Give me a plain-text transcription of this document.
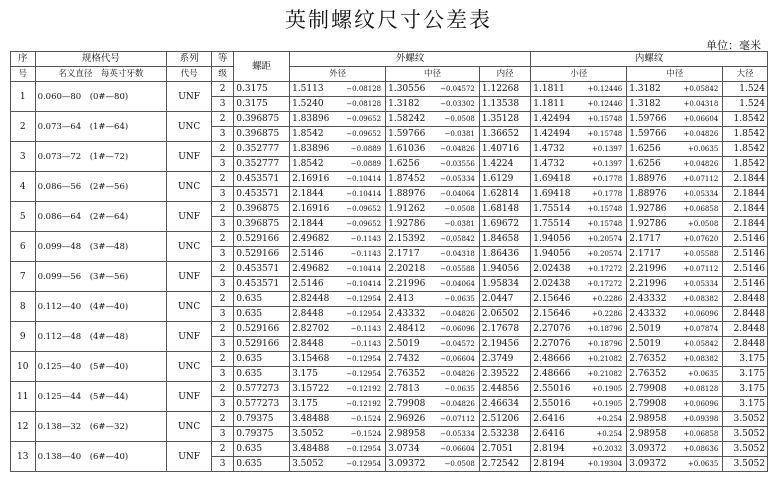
英制螺纹尺寸公差表
单位：毫米
序	规格代号	系列	等	螺距	外螺纹			内螺纹		
号	名义直径　每英寸牙数	代号	级		外径	中径	内径	小径	中径	大径
1	0.060—80　(0#—80)	UNF	2	0.3175	1.5113 −0.08128	1.30556 −0.04572	1.12268	1.1811 +0.12446	1.3182 +0.05842	1.524
			3	0.3175	1.5240 −0.08128	1.3182 −0.03302	1.13538	1.1811 +0.12446	1.3182 +0.04318	1.524
2	0.073—64　(1#—64)	UNC	2	0.396875	1.83896 −0.09652	1.58242 −0.0508	1.35128	1.42494 +0.15748	1.59766 +0.06604	1.8542
			3	0.396875	1.8542 −0.09652	1.59766 −0.0381	1.36652	1.42494 +0.15748	1.59766 +0.04826	1.8542
3	0.073—72　(1#—72)	UNF	2	0.352777	1.83896 −0.0889	1.61036 −0.04826	1.40716	1.4732 +0.1397	1.6256 +0.0635	1.8542
			3	0.352777	1.8542 −0.0889	1.6256 −0.03556	1.4224	1.4732 +0.1397	1.6256 +0.04826	1.8542
4	0.086—56　(2#—56)	UNC	2	0.453571	2.16916 −0.10414	1.87452 −0.05334	1.6129	1.69418 +0.1778	1.88976 +0.07112	2.1844
			3	0.453571	2.1844 −0.10414	1.88976 −0.04064	1.62814	1.69418 +0.1778	1.88976 +0.05334	2.1844
5	0.086—64　(2#—64)	UNF	2	0.396875	2.16916 −0.09652	1.91262 −0.0508	1.68148	1.75514 +0.15748	1.92786 +0.06858	2.1844
			3	0.396875	2.1844 −0.09652	1.92786 −0.0381	1.69672	1.75514 +0.15748	1.92786 +0.0508	2.1844
6	0.099—48　(3#—48)	UNC	2	0.529166	2.49682 −0.1143	2.15392 −0.05842	1.84658	1.94056 +0.20574	2.1717 +0.07620	2.5146
			3	0.529166	2.5146 −0.1143	2.1717 −0.04318	1.86436	1.94056 +0.20574	2.1717 +0.05588	2.5146
7	0.099—56　(3#—56)	UNF	2	0.453571	2.49682 −0.10414	2.20218 −0.05588	1.94056	2.02438 +0.17272	2.21996 +0.07112	2.5146
			3	0.453571	2.5146 −0.10414	2.21996 −0.04064	1.95834	2.02438 +0.17272	2.21996 +0.05334	2.5146
8	0.112—40　(4#—40)	UNC	2	0.635	2.82448 −0.12954	2.413 −0.0635	2.0447	2.15646 +0.2286	2.43332 +0.08382	2.8448
			3	0.635	2.8448 −0.12954	2.43332 −0.04826	2.06502	2.15646 +0.2286	2.43332 +0.06096	2.8448
9	0.112—48　(4#—48)	UNF	2	0.529166	2.82702 −0.1143	2.48412 −0.06096	2.17678	2.27076 +0.18796	2.5019 +0.07874	2.8448
			3	0.529166	2.8448 −0.1143	2.5019 −0.04572	2.19456	2.27076 +0.18796	2.5019 +0.05842	2.8448
10	0.125—40　(5#—40)	UNC	2	0.635	3.15468 −0.12954	2.7432 −0.06604	2.3749	2.48666 +0.21082	2.76352 +0.08382	3.175
			3	0.635	3.175 −0.12954	2.76352 −0.04826	2.39522	2.48666 +0.21082	2.76352 +0.0635	3.175
11	0.125—44　(5#—44)	UNF	2	0.577273	3.15722 −0.12192	2.7813 −0.0635	2.44856	2.55016 +0.1905	2.79908 +0.08128	3.175
			3	0.577273	3.175 −0.12192	2.79908 −0.04826	2.46634	2.55016 +0.1905	2.79908 +0.06096	3.175
12	0.138—32　(6#—32)	UNC	2	0.79375	3.48488 −0.1524	2.96926 −0.07112	2.51206	2.6416 +0.254	2.98958 +0.09398	3.5052
			3	0.79375	3.5052 −0.1524	2.98958 −0.05334	2.53238	2.6416 +0.254	2.98958 +0.06858	3.5052
13	0.138—40　(6#—40)	UNF	2	0.635	3.48488 −0.12954	3.0734 −0.06604	2.7051	2.8194 +0.2032	3.09372 +0.08636	3.5052
			3	0.635	3.5052 −0.12954	3.09372 −0.0508	2.72542	2.8194 +0.19304	3.09372 +0.0635	3.5052
